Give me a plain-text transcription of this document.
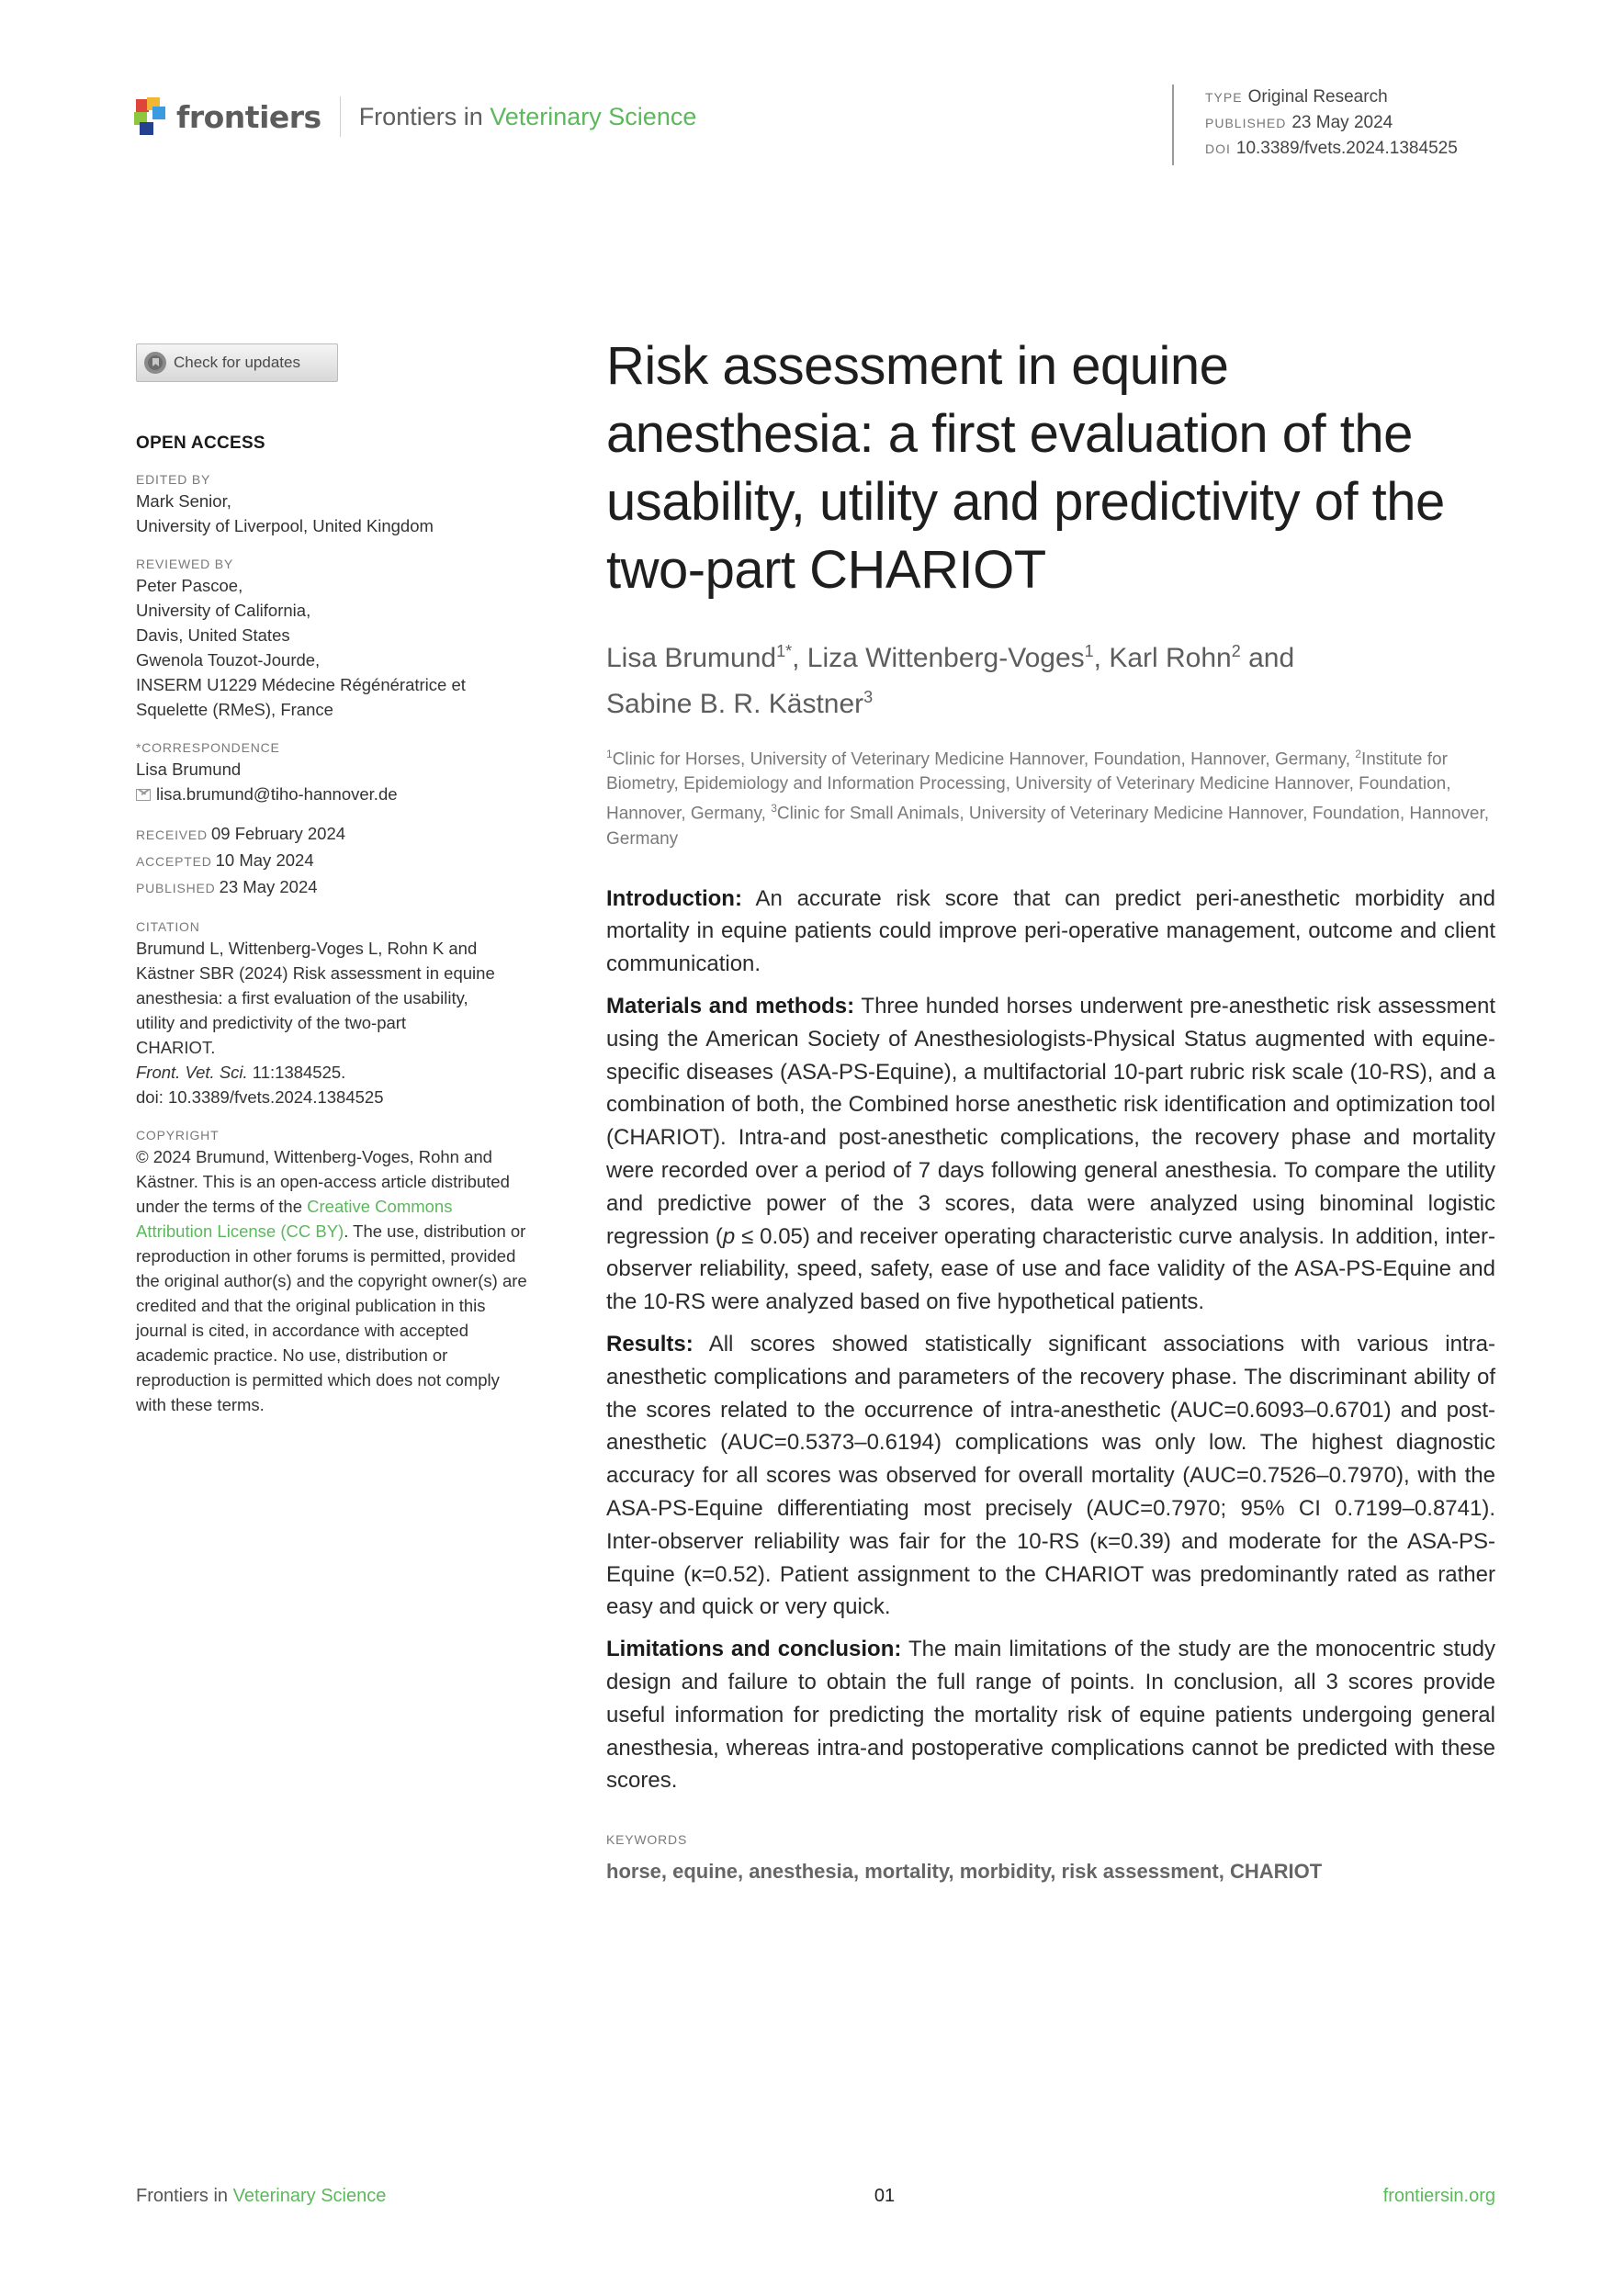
frontiers Frontiers in Veterinary Science
TYPE Original Research
PUBLISHED 23 May 2024
DOI 10.3389/fvets.2024.1384525
Check for updates
OPEN ACCESS
EDITED BY
Mark Senior,
University of Liverpool, United Kingdom
REVIEWED BY
Peter Pascoe,
University of California,
Davis, United States
Gwenola Touzot-Jourde,
INSERM U1229 Médecine Régénératrice et
Squelette (RMeS), France
*CORRESPONDENCE
Lisa Brumund
lisa.brumund@tiho-hannover.de
RECEIVED 09 February 2024
ACCEPTED 10 May 2024
PUBLISHED 23 May 2024
CITATION
Brumund L, Wittenberg-Voges L, Rohn K and
Kästner SBR (2024) Risk assessment in equine
anesthesia: a first evaluation of the usability,
utility and predictivity of the two-part
CHARIOT.
Front. Vet. Sci. 11:1384525.
doi: 10.3389/fvets.2024.1384525
COPYRIGHT
© 2024 Brumund, Wittenberg-Voges, Rohn and Kästner. This is an open-access article distributed under the terms of the Creative Commons Attribution License (CC BY). The use, distribution or reproduction in other forums is permitted, provided the original author(s) and the copyright owner(s) are credited and that the original publication in this journal is cited, in accordance with accepted academic practice. No use, distribution or reproduction is permitted which does not comply with these terms.
Risk assessment in equine anesthesia: a first evaluation of the usability, utility and predictivity of the two-part CHARIOT
Lisa Brumund$^{1*}$, Liza Wittenberg-Voges$^1$, Karl Rohn$^2$ and
Sabine B. R. Kästner$^3$
$^1$Clinic for Horses, University of Veterinary Medicine Hannover, Foundation, Hannover, Germany, $^2$Institute for Biometry, Epidemiology and Information Processing, University of Veterinary Medicine Hannover, Foundation, Hannover, Germany, $^3$Clinic for Small Animals, University of Veterinary Medicine Hannover, Foundation, Hannover, Germany

Introduction: An accurate risk score that can predict peri-anesthetic morbidity and mortality in equine patients could improve peri-operative management, outcome and client communication.

Materials and methods: Three hunded horses underwent pre-anesthetic risk assessment using the American Society of Anesthesiologists-Physical Status augmented with equine-specific diseases (ASA-PS-Equine), a multifactorial 10-part rubric risk scale (10-RS), and a combination of both, the Combined horse anesthetic risk identification and optimization tool (CHARIOT). Intra-and post-anesthetic complications, the recovery phase and mortality were recorded over a period of 7 days following general anesthesia. To compare the utility and predictive power of the 3 scores, data were analyzed using binominal logistic regression (p ≤ 0.05) and receiver operating characteristic curve analysis. In addition, inter-observer reliability, speed, safety, ease of use and face validity of the ASA-PS-Equine and the 10-RS were analyzed based on five hypothetical patients.

Results: All scores showed statistically significant associations with various intra-anesthetic complications and parameters of the recovery phase. The discriminant ability of the scores related to the occurrence of intra-anesthetic (AUC=0.6093–0.6701) and post-anesthetic (AUC=0.5373–0.6194) complications was only low. The highest diagnostic accuracy for all scores was observed for overall mortality (AUC=0.7526–0.7970), with the ASA-PS-Equine differentiating most precisely (AUC=0.7970; 95% CI 0.7199–0.8741). Inter-observer reliability was fair for the 10-RS (κ=0.39) and moderate for the ASA-PS-Equine (κ=0.52). Patient assignment to the CHARIOT was predominantly rated as rather easy and quick or very quick.

Limitations and conclusion: The main limitations of the study are the monocentric study design and failure to obtain the full range of points. In conclusion, all 3 scores provide useful information for predicting the mortality risk of equine patients undergoing general anesthesia, whereas intra-and postoperative complications cannot be predicted with these scores.

KEYWORDS
horse, equine, anesthesia, mortality, morbidity, risk assessment, CHARIOT
Frontiers in Veterinary Science	01	frontiersin.org
